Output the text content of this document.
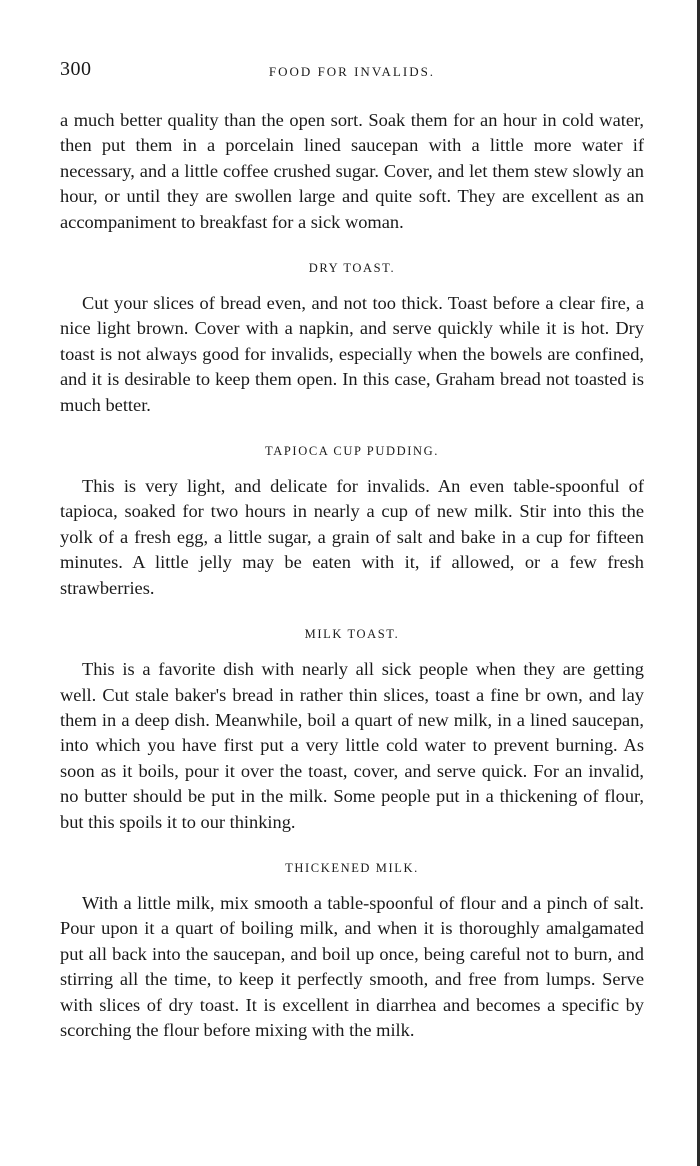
300	FOOD FOR INVALIDS.

a much better quality than the open sort. Soak them for an hour in cold water, then put them in a porcelain lined saucepan with a little more water if necessary, and a little coffee crushed sugar. Cover, and let them stew slowly an hour, or until they are swollen large and quite soft. They are excellent as an accompaniment to breakfast for a sick woman.

DRY TOAST.

Cut your slices of bread even, and not too thick. Toast before a clear fire, a nice light brown. Cover with a napkin, and serve quickly while it is hot. Dry toast is not always good for invalids, especially when the bowels are confined, and it is desirable to keep them open. In this case, Graham bread not toasted is much better.

TAPIOCA CUP PUDDING.

This is very light, and delicate for invalids. An even table-spoonful of tapioca, soaked for two hours in nearly a cup of new milk. Stir into this the yolk of a fresh egg, a little sugar, a grain of salt and bake in a cup for fifteen minutes. A little jelly may be eaten with it, if allowed, or a few fresh strawberries.

MILK TOAST.

This is a favorite dish with nearly all sick people when they are getting well. Cut stale baker's bread in rather thin slices, toast a fine br own, and lay them in a deep dish. Meanwhile, boil a quart of new milk, in a lined saucepan, into which you have first put a very little cold water to prevent burning. As soon as it boils, pour it over the toast, cover, and serve quick. For an invalid, no butter should be put in the milk. Some people put in a thickening of flour, but this spoils it to our thinking.

THICKENED MILK.

With a little milk, mix smooth a table-spoonful of flour and a pinch of salt. Pour upon it a quart of boiling milk, and when it is thoroughly amalgamated put all back into the saucepan, and boil up once, being careful not to burn, and stirring all the time, to keep it perfectly smooth, and free from lumps. Serve with slices of dry toast. It is excellent in diarrhea and becomes a specific by scorching the flour before mixing with the milk.
